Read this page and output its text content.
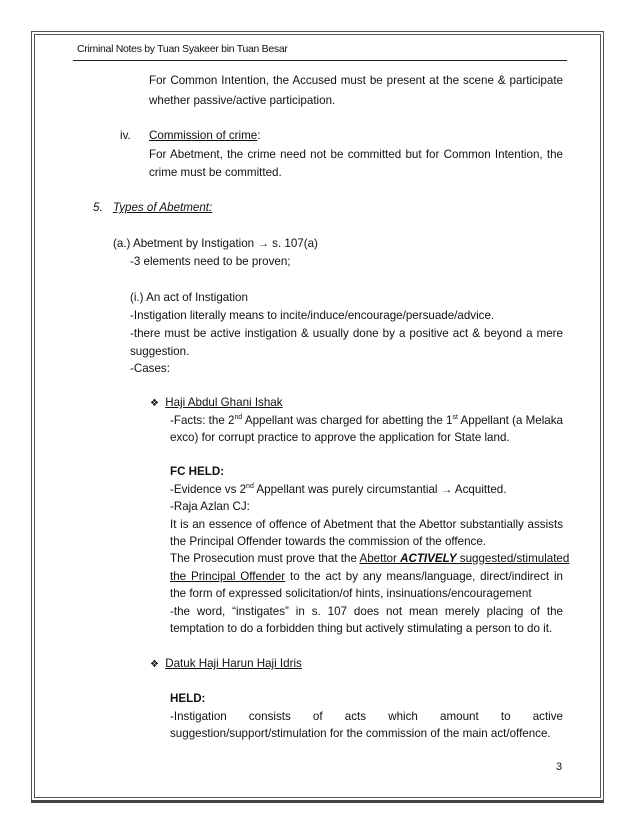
Criminal Notes by Tuan Syakeer bin Tuan Besar
For Common Intention, the Accused must be present at the scene & participate
whether passive/active participation.
iv. Commission of crime:
For Abetment, the crime need not be committed but for Common Intention, the
crime must be committed.
5. Types of Abetment:
(a.) Abetment by Instigation → s. 107(a)
-3 elements need to be proven;
(i.) An act of Instigation
-Instigation literally means to incite/induce/encourage/persuade/advice.
-there must be active instigation & usually done by a positive act & beyond a mere
suggestion.
-Cases:
❖ Haji Abdul Ghani Ishak
-Facts: the 2nd Appellant was charged for abetting the 1st Appellant (a Melaka
exco) for corrupt practice to approve the application for State land.
FC HELD:
-Evidence vs 2nd Appellant was purely circumstantial → Acquitted.
-Raja Azlan CJ:
It is an essence of offence of Abetment that the Abettor substantially assists
the Principal Offender towards the commission of the offence.
The Prosecution must prove that the Abettor ACTIVELY suggested/stimulated
the Principal Offender to the act by any means/language, direct/indirect in
the form of expressed solicitation/of hints, insinuations/encouragement
-the word, “instigates” in s. 107 does not mean merely placing of the
temptation to do a forbidden thing but actively stimulating a person to do it.
❖ Datuk Haji Harun Haji Idris
HELD:
-Instigation consists of acts which amount to active
suggestion/support/stimulation for the commission of the main act/offence.
3
